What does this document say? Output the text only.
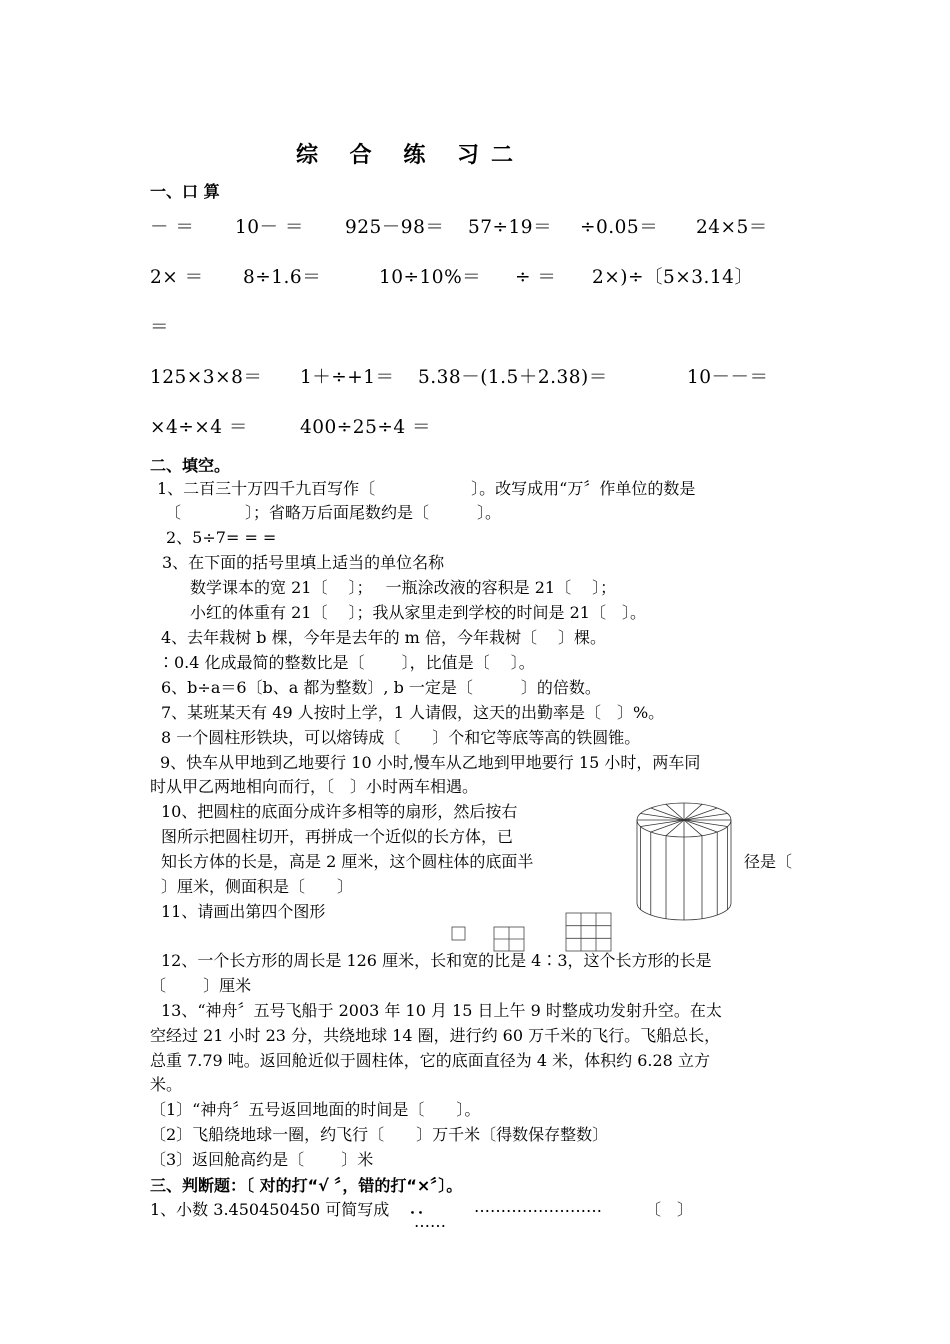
综 合 练 习二
一、口 算
－ ＝ 10－ ＝ 925－98＝ 57÷19＝ ÷0.05＝ 24×5＝
2× ＝ 8÷1.6＝	10÷10%＝ ÷ ＝ 2×)÷〔5×3.14〕
＝
125×3×8＝ 1＋÷+1＝ 5.38－(1.5＋2.38)＝	10－－＝
×4÷×4 ＝	400÷25÷4 ＝
二、填空。
1、二百三十万四千九百写作〔　　　　　　〕。改写成用“万〞作单位的数是
〔　　　　〕；省略万后面尾数约是〔　　　〕。
2、5÷7= = =
3、在下面的括号里填上适当的单位名称
数学课本的宽 21〔　 〕；　 一瓶涂改液的容积是 21〔　 〕；
小红的体重有 21〔　 〕；我从家里走到学校的时间是 21〔　〕。
4、去年栽树 b 棵，今年是去年的 m 倍，今年栽树〔　 〕棵。
∶0.4 化成最简的整数比是〔　　 〕，比值是〔　 〕。
6、b÷a＝6〔b、a 都为整数〕, b 一定是〔　　　〕的倍数。
7、某班某天有 49 人按时上学，1 人请假，这天的出勤率是〔　〕%。
8 一个圆柱形铁块，可以熔铸成〔　　〕个和它等底等高的铁圆锥。
9、快车从甲地到乙地要行 10 小时,慢车从乙地到甲地要行 15 小时，两车同
时从甲乙两地相向而行，〔　〕小时两车相遇。
10、把圆柱的底面分成许多相等的扇形，然后按右
图所示把圆柱切开，再拼成一个近似的长方体，已
知长方体的长是，高是 2 厘米，这个圆柱体的底面半	径是〔
〕厘米，侧面积是〔　　〕
11、请画出第四个图形
12、一个长方形的周长是 126 厘米，长和宽的比是 4∶3，这个长方形的长是
〔　　 〕厘米
13、“神舟〞五号飞船于 2003 年 10 月 15 日上午 9 时整成功发射升空。在太
空经过 21 小时 23 分，共绕地球 14 圈，进行约 60 万千米的飞行。飞船总长，
总重 7.79 吨。返回舱近似于圆柱体，它的底面直径为 4 米，体积约 6.28 立方
米。
〔1〕“神舟〞五号返回地面的时间是〔　　〕。
〔2〕飞船绕地球一圈，约飞行〔　　〕万千米〔得数保存整数〕
〔3〕返回舱高约是〔　　 〕米
三、判断题：〔 对的打“√ 〞，错的打“×〞〕。
1、小数 3.450450450 可简写成 ．． ……………………	〔　〕
……
